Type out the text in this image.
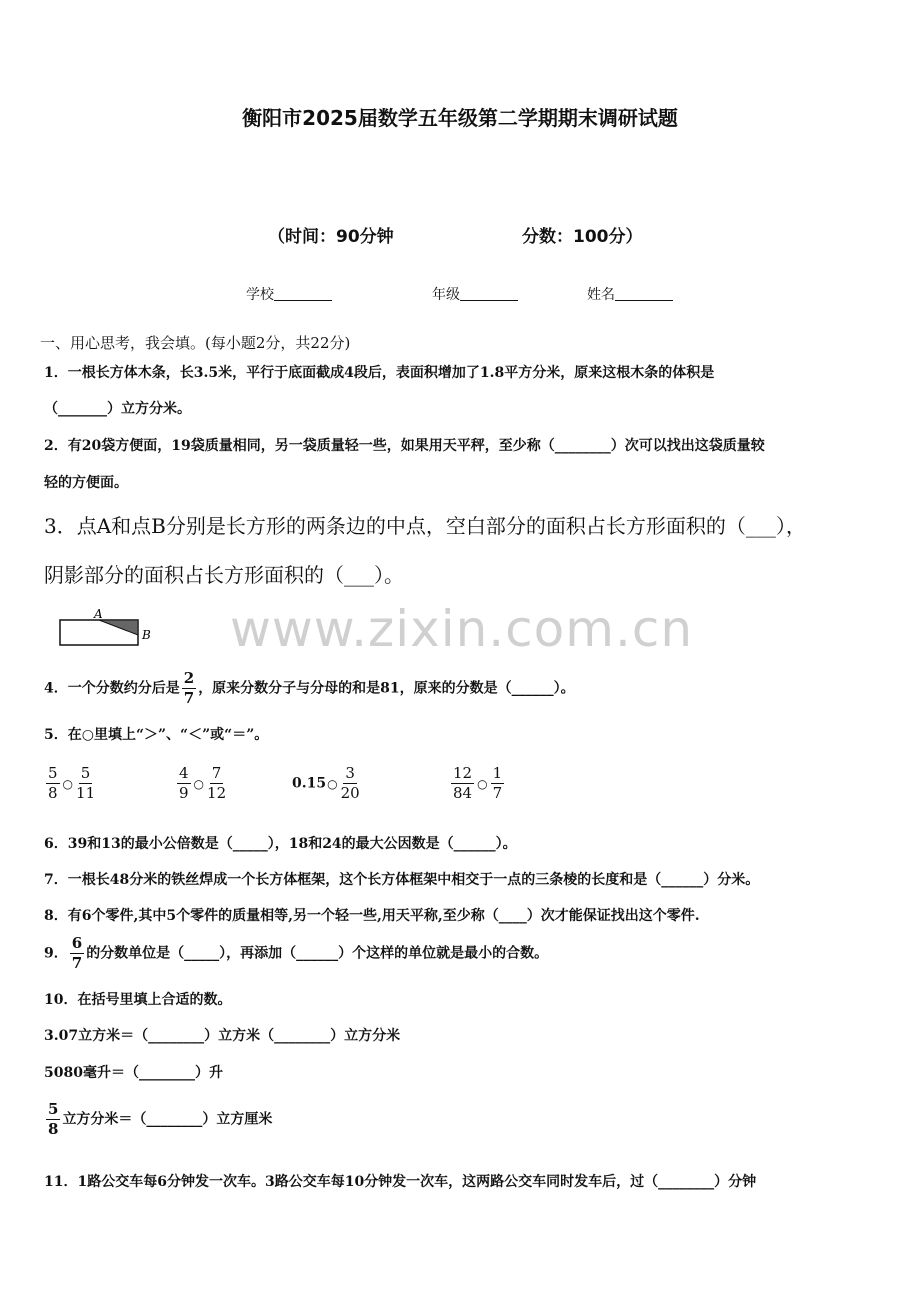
衡阳市2025届数学五年级第二学期期末调研试题
（时间：90分钟	分数：100分）
学校	年级	姓名
一、用心思考，我会填。(每小题2分，共22分)
1．一根长方体木条，长3.5米，平行于底面截成4段后，表面积增加了1.8平方分米，原来这根木条的体积是
（_______）立方分米。
2．有20袋方便面，19袋质量相同，另一袋质量轻一些，如果用天平秤，至少称（________）次可以找出这袋质量较
轻的方便面。
3．点A和点B分别是长方形的两条边的中点，空白部分的面积占长方形面积的（___），
阴影部分的面积占长方形面积的（___）。
A
B www.zixin.com.cn
4．一个分数约分后是 $\frac{2}{7}$ ，原来分数分子与分母的和是81，原来的分数是（______）。
5．在○里填上“＞”、“＜”或“＝”。
$\frac{5}{8}$ ○ $\frac{5}{11}$	$\frac{4}{9}$ ○ $\frac{7}{12}$	0.15○ $\frac{3}{20}$	$\frac{12}{84}$ ○ $\frac{1}{7}$
6．39和13的最小公倍数是（_____），18和24的最大公因数是（______）。
7．一根长48分米的铁丝焊成一个长方体框架，这个长方体框架中相交于一点的三条棱的长度和是（______）分米。
8．有6个零件,其中5个零件的质量相等,另一个轻一些,用天平称,至少称（____）次才能保证找出这个零件.
9． $\frac{6}{7}$ 的分数单位是（_____），再添加（______）个这样的单位就是最小的合数。
10．在括号里填上合适的数。
3.07立方米＝（________）立方米（________）立方分米
5080毫升＝（________）升
$\frac{5}{8}$ 立方分米＝（________）立方厘米
11．1路公交车每6分钟发一次车。3路公交车每10分钟发一次车，这两路公交车同时发车后，过（________）分钟
